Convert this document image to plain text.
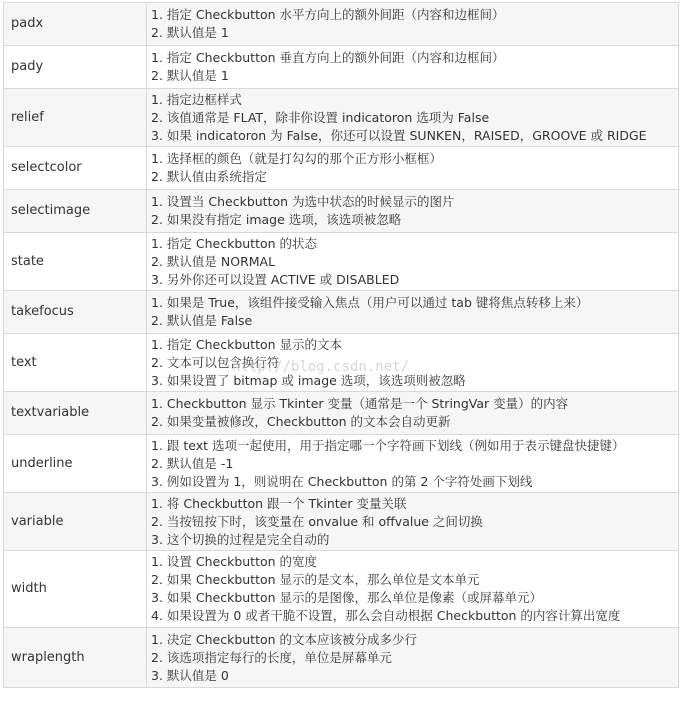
padx	1. 指定 Checkbutton 水平方向上的额外间距（内容和边框间）
2. 默认值是 1

pady	1. 指定 Checkbutton 垂直方向上的额外间距（内容和边框间）
2. 默认值是 1

relief	1. 指定边框样式
2. 该值通常是 FLAT，除非你设置 indicatoron 选项为 False
3. 如果 indicatoron 为 False，你还可以设置 SUNKEN，RAISED，GROOVE 或 RIDGE

selectcolor	1. 选择框的颜色（就是打勾勾的那个正方形小框框）
2. 默认值由系统指定

selectimage	1. 设置当 Checkbutton 为选中状态的时候显示的图片
2. 如果没有指定 image 选项，该选项被忽略

state	1. 指定 Checkbutton 的状态
2. 默认值是 NORMAL
3. 另外你还可以设置 ACTIVE 或 DISABLED

takefocus	1. 如果是 True，该组件接受输入焦点（用户可以通过 tab 键将焦点转移上来）
2. 默认值是 False

text	1. 指定 Checkbutton 显示的文本
2. 文本可以包含换行符
3. 如果设置了 bitmap 或 image 选项，该选项则被忽略

textvariable	1. Checkbutton 显示 Tkinter 变量（通常是一个 StringVar 变量）的内容
2. 如果变量被修改，Checkbutton 的文本会自动更新

underline	1. 跟 text 选项一起使用，用于指定哪一个字符画下划线（例如用于表示键盘快捷键）
2. 默认值是 -1
3. 例如设置为 1，则说明在 Checkbutton 的第 2 个字符处画下划线

variable	1. 将 Checkbutton 跟一个 Tkinter 变量关联
2. 当按钮按下时，该变量在 onvalue 和 offvalue 之间切换
3. 这个切换的过程是完全自动的

width	1. 设置 Checkbutton 的宽度
2. 如果 Checkbutton 显示的是文本，那么单位是文本单元
3. 如果 Checkbutton 显示的是图像，那么单位是像素（或屏幕单元）
4. 如果设置为 0 或者干脆不设置，那么会自动根据 Checkbutton 的内容计算出宽度

wraplength	1. 决定 Checkbutton 的文本应该被分成多少行
2. 该选项指定每行的长度，单位是屏幕单元
3. 默认值是 0
http://blog.csdn.net/
